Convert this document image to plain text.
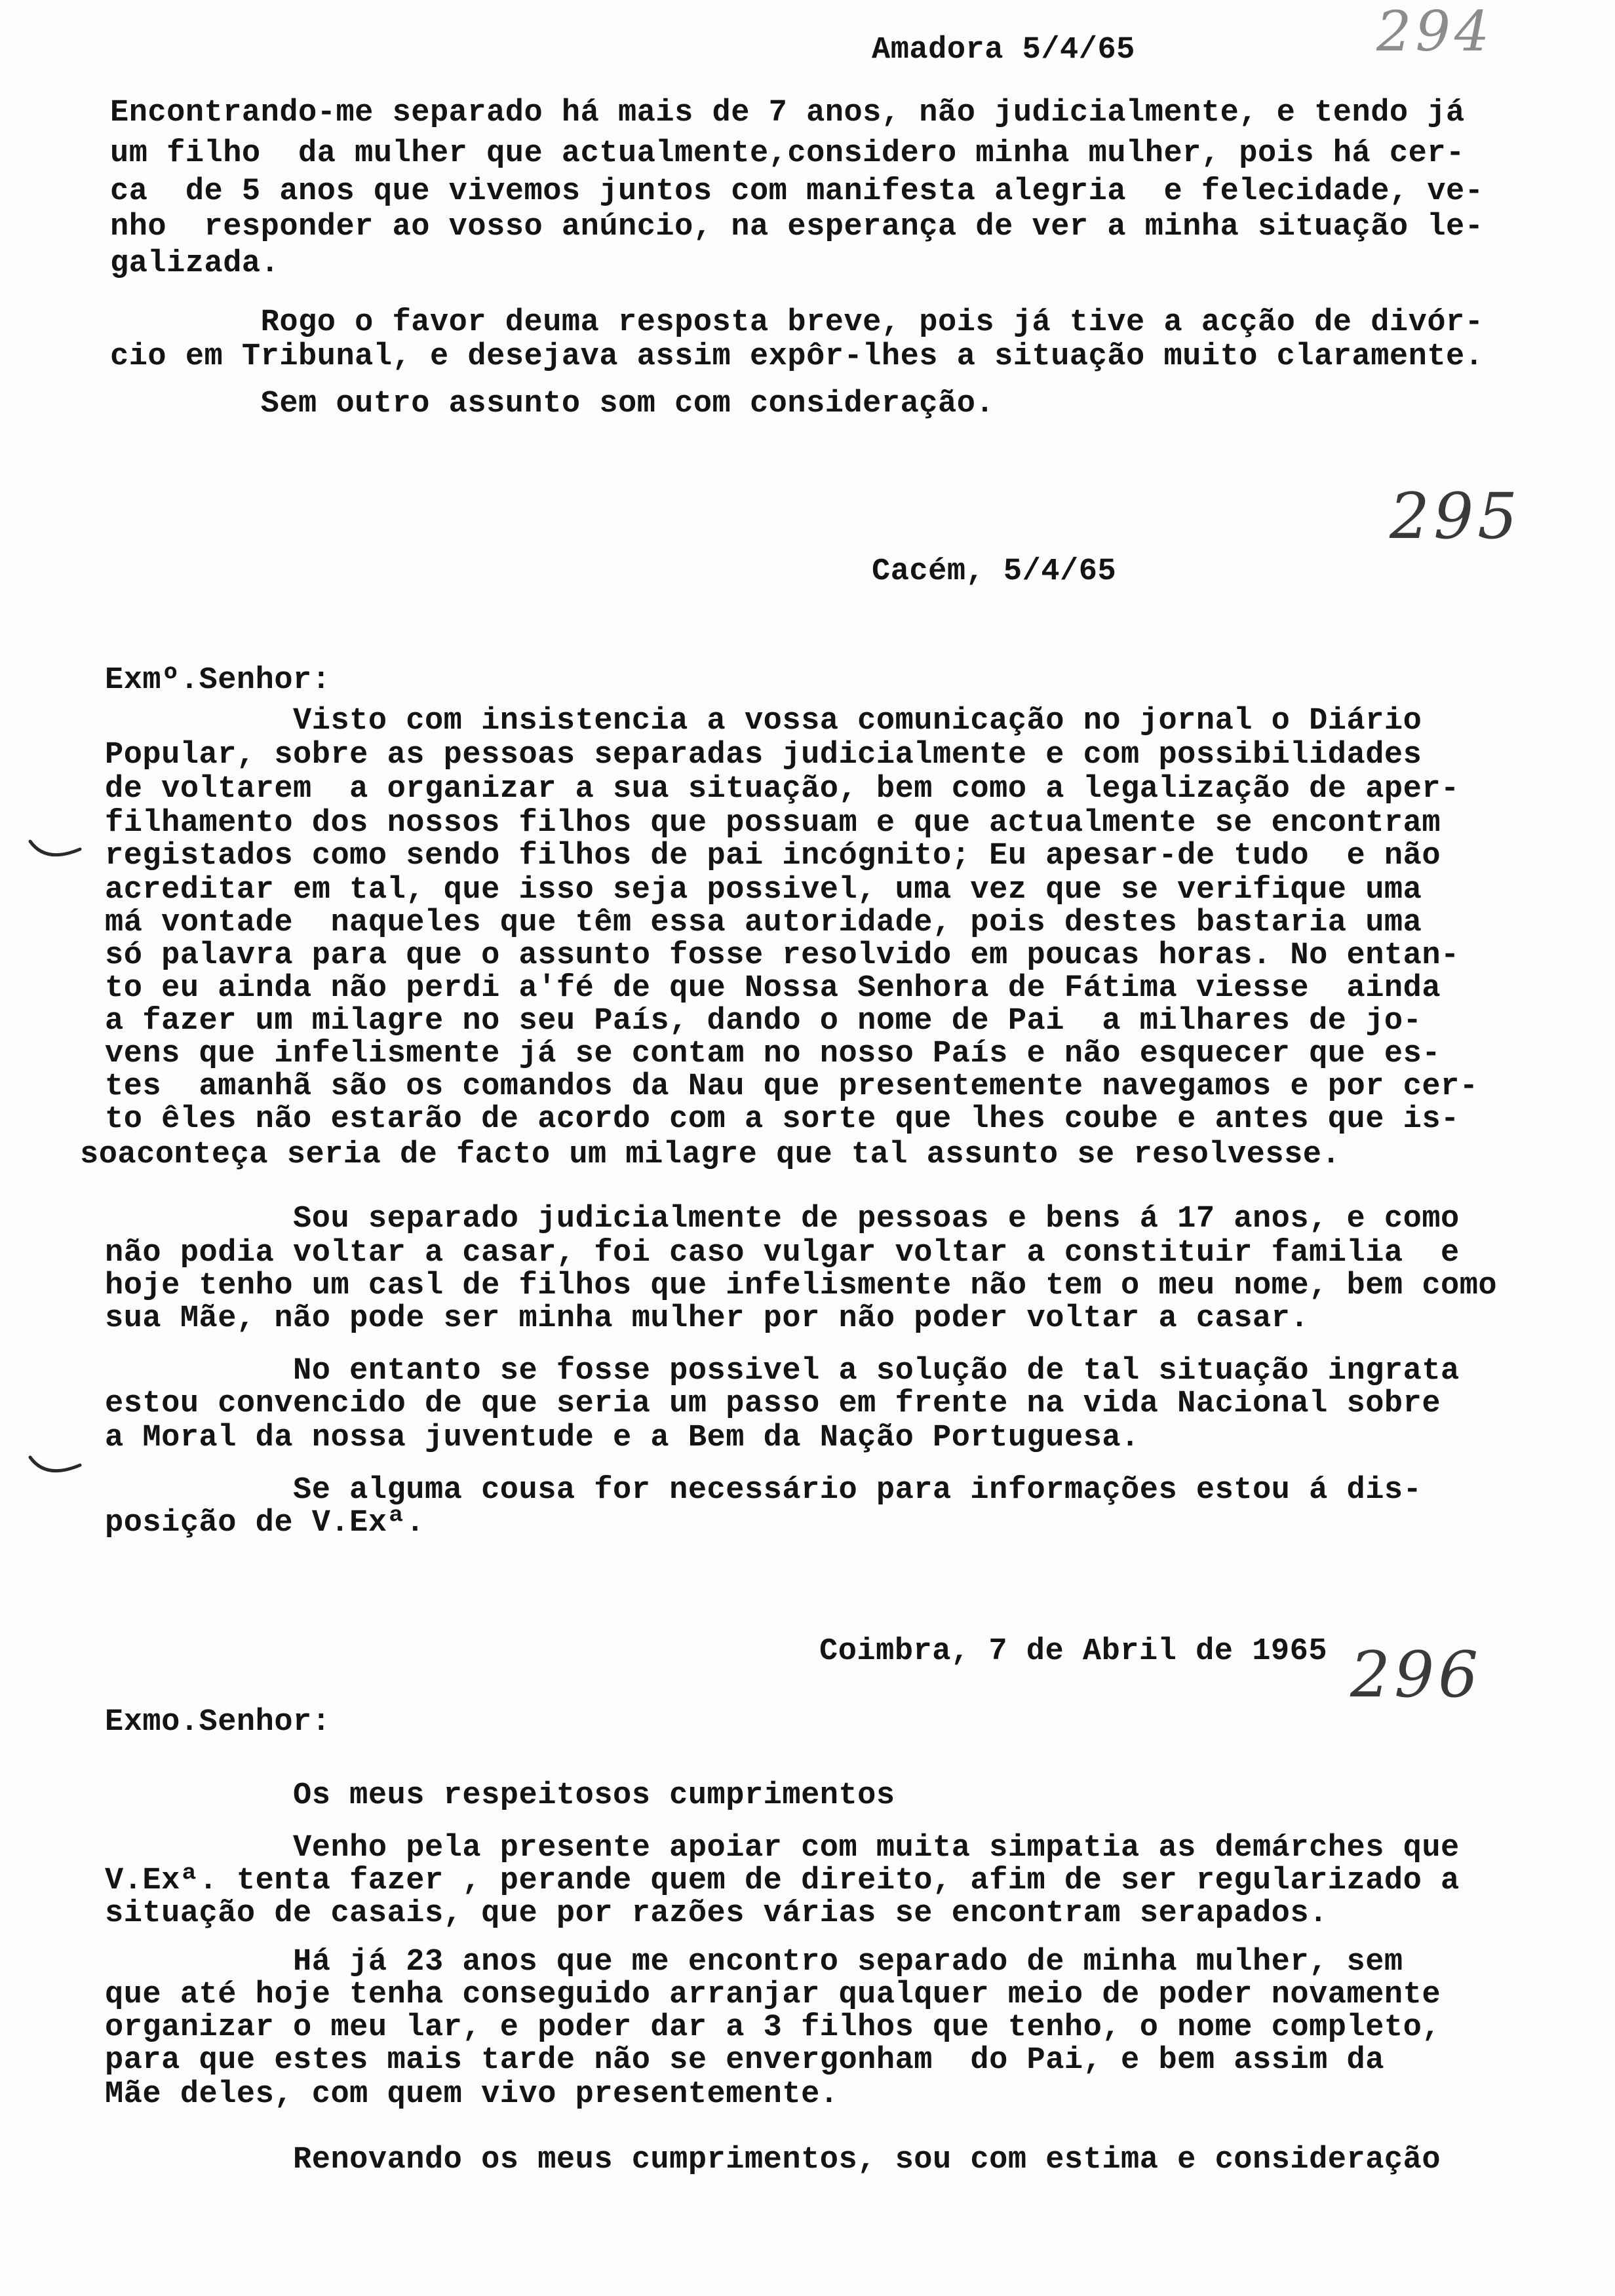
294
Amadora 5/4/65
Encontrando-me separado há mais de 7 anos, não judicialmente, e tendo já
um filho  da mulher que actualmente,considero minha mulher, pois há cer-
ca  de 5 anos que vivemos juntos com manifesta alegria  e felecidade, ve-
nho  responder ao vosso anúncio, na esperança de ver a minha situação le-
galizada.
Rogo o favor deuma resposta breve, pois já tive a acção de divór-
cio em Tribunal, e desejava assim expôr-lhes a situação muito claramente.
Sem outro assunto som com consideração.
295
Cacém, 5/4/65
Exmº.Senhor:
Visto com insistencia a vossa comunicação no jornal o Diário
Popular, sobre as pessoas separadas judicialmente e com possibilidades
de voltarem  a organizar a sua situação, bem como a legalização de aper-
filhamento dos nossos filhos que possuam e que actualmente se encontram
registados como sendo filhos de pai incógnito; Eu apesar-de tudo  e não
acreditar em tal, que isso seja possivel, uma vez que se verifique uma
má vontade  naqueles que têm essa autoridade, pois destes bastaria uma
só palavra para que o assunto fosse resolvido em poucas horas. No entan-
to eu ainda não perdi a'fé de que Nossa Senhora de Fátima viesse  ainda
a fazer um milagre no seu País, dando o nome de Pai  a milhares de jo-
vens que infelismente já se contam no nosso País e não esquecer que es-
tes  amanhã são os comandos da Nau que presentemente navegamos e por cer-
to êles não estarão de acordo com a sorte que lhes coube e antes que is-
soaconteça seria de facto um milagre que tal assunto se resolvesse.
Sou separado judicialmente de pessoas e bens á 17 anos, e como
não podia voltar a casar, foi caso vulgar voltar a constituir familia  e
hoje tenho um casl de filhos que infelismente não tem o meu nome, bem como
sua Mãe, não pode ser minha mulher por não poder voltar a casar.
No entanto se fosse possivel a solução de tal situação ingrata
estou convencido de que seria um passo em frente na vida Nacional sobre
a Moral da nossa juventude e a Bem da Nação Portuguesa.
Se alguma cousa for necessário para informações estou á dis-
posição de V.Exª.
Coimbra, 7 de Abril de 1965 296
Exmo.Senhor:
Os meus respeitosos cumprimentos
Venho pela presente apoiar com muita simpatia as demárches que
V.Exª. tenta fazer , perande quem de direito, afim de ser regularizado a
situação de casais, que por razões várias se encontram serapados.
Há já 23 anos que me encontro separado de minha mulher, sem
que até hoje tenha conseguido arranjar qualquer meio de poder novamente
organizar o meu lar, e poder dar a 3 filhos que tenho, o nome completo,
para que estes mais tarde não se envergonham  do Pai, e bem assim da
Mãe deles, com quem vivo presentemente.
Renovando os meus cumprimentos, sou com estima e consideração
